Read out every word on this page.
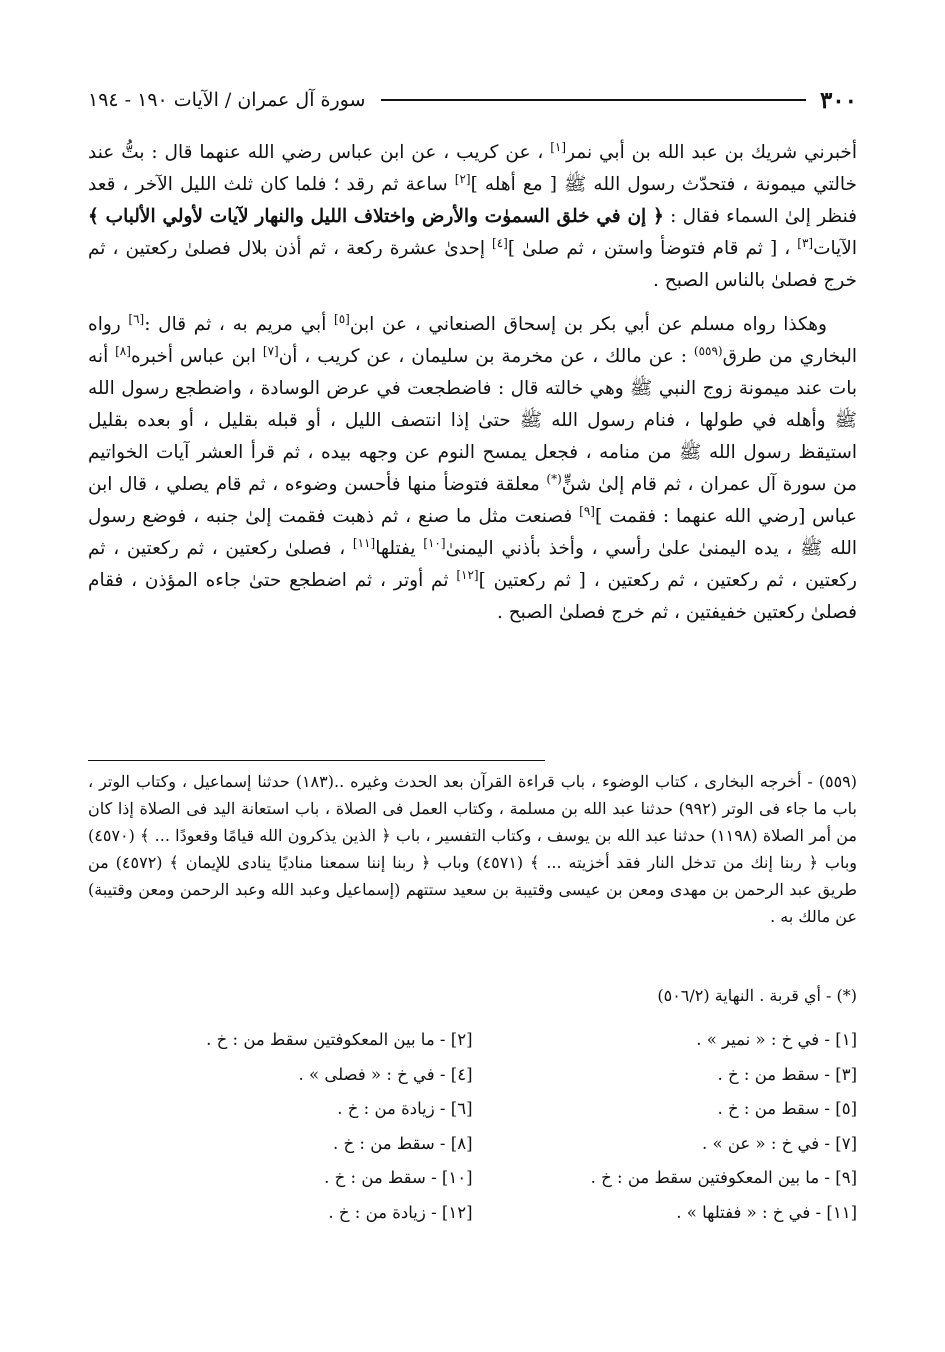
٣٠٠
سورة آل عمران / الآيات ١٩٠ - ١٩٤

أخبرني شريك بن عبد الله بن أبي نمر[١] ، عن كريب ، عن ابن عباس رضي الله عنهما قال : بتُّ عند خالتي ميمونة ، فتحدّث رسول الله ﷺ [ مع أهله ][٢] ساعة ثم رقد ؛ فلما كان ثلث الليل الآخر ، قعد فنظر إلىٰ السماء فقال : ﴿ إن في خلق السموٰت والأرض واختلاف الليل والنهار لآيات لأولي الألباب ﴾ الآيات[٣] ، [ ثم قام فتوضأ واستن ، ثم صلىٰ ][٤] إحدىٰ عشرة ركعة ، ثم أذن بلال فصلىٰ ركعتين ، ثم خرج فصلىٰ بالناس الصبح .

وهكذا رواه مسلم عن أبي بكر بن إسحاق الصنعاني ، عن ابن[٥] أبي مريم به ، ثم قال :[٦] رواه البخاري من طرق$^{(٥٥٩)}$ : عن مالك ، عن مخرمة بن سليمان ، عن كريب ، أن[٧] ابن عباس أخبره[٨] أنه بات عند ميمونة زوج النبي ﷺ وهي خالته قال : فاضطجعت في عرض الوسادة ، واضطجع رسول الله ﷺ وأهله في طولها ، فنام رسول الله ﷺ حتىٰ إذا انتصف الليل ، أو قبله بقليل ، أو بعده بقليل استيقظ رسول الله ﷺ من منامه ، فجعل يمسح النوم عن وجهه بيده ، ثم قرأ العشر آيات الخواتيم من سورة آل عمران ، ثم قام إلىٰ شنٍّ(*) معلقة فتوضأ منها فأحسن وضوءه ، ثم قام يصلي ، قال ابن عباس [رضي الله عنهما : فقمت ][٩] فصنعت مثل ما صنع ، ثم ذهبت فقمت إلىٰ جنبه ، فوضع رسول الله ﷺ ، يده اليمنىٰ علىٰ رأسي ، وأخذ بأذني اليمنىٰ[١٠] يفتلها[١١] ، فصلىٰ ركعتين ، ثم ركعتين ، ثم ركعتين ، ثم ركعتين ، ثم ركعتين ، [ ثم ركعتين ][١٢] ثم أوتر ، ثم اضطجع حتىٰ جاءه المؤذن ، فقام فصلىٰ ركعتين خفيفتين ، ثم خرج فصلىٰ الصبح .

(٥٥٩) - أخرجه البخارى ، كتاب الوضوء ، باب قراءة القرآن بعد الحدث وغيره ..(١٨٣) حدثنا إسماعيل ، وكتاب الوتر ، باب ما جاء فى الوتر (٩٩٢) حدثنا عبد الله بن مسلمة ، وكتاب العمل فى الصلاة ، باب استعانة اليد فى الصلاة إذا كان من أمر الصلاة (١١٩٨) حدثنا عبد الله بن يوسف ، وكتاب التفسير ، باب ﴿ الذين يذكرون الله قيامًا وقعودًا ... ﴾ (٤٥٧٠) وباب ﴿ ربنا إنك من تدخل النار فقد أخزيته ... ﴾ (٤٥٧١) وباب ﴿ ربنا إننا سمعنا مناديًا ينادى للإيمان ﴾ (٤٥٧٢) من طريق عبد الرحمن بن مهدى ومعن بن عيسى وقتيبة بن سعيد ستتهم (إسماعيل وعبد الله وعبد الرحمن ومعن وقتيبة) عن مالك به .

(*) - أي قربة . النهاية (٥٠٦/٢)
[١] - في خ : « نمير » .
[٢] - ما بين المعكوفتين سقط من : خ .
[٣] - سقط من : خ .
[٤] - في خ : « فصلى » .
[٥] - سقط من : خ .
[٦] - زيادة من : خ .
[٧] - في خ : « عن » .
[٨] - سقط من : خ .
[٩] - ما بين المعكوفتين سقط من : خ .
[١٠] - سقط من : خ .
[١١] - في خ : « ففتلها » .
[١٢] - زيادة من : خ .
